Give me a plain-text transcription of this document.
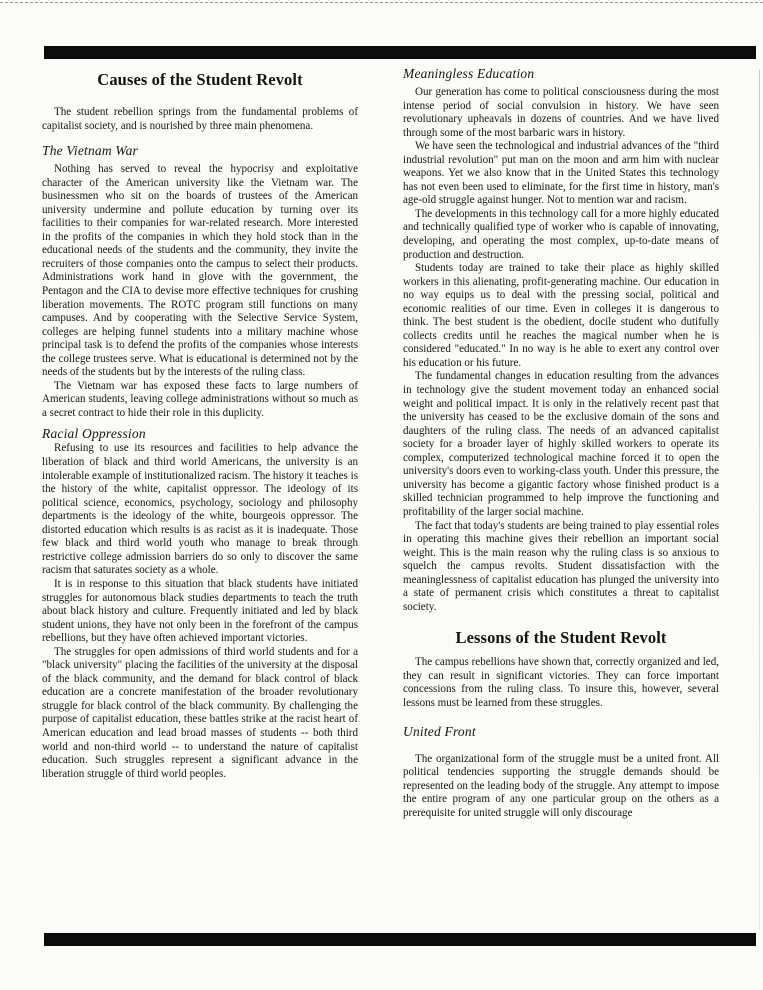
Causes of the Student Revolt

The student rebellion springs from the fundamental problems of capitalist society, and is nourished by three main phenomena.

The Vietnam War

Nothing has served to reveal the hypocrisy and exploitative character of the American university like the Vietnam war. The businessmen who sit on the boards of trustees of the American university undermine and pollute education by turning over its facilities to their companies for war-related research. More interested in the profits of the companies in which they hold stock than in the educational needs of the students and the community, they invite the recruiters of those companies onto the campus to select their products. Administrations work hand in glove with the government, the Pentagon and the CIA to devise more effective techniques for crushing liberation movements. The ROTC program still functions on many campuses. And by cooperating with the Selective Service System, colleges are helping funnel students into a military machine whose principal task is to defend the profits of the companies whose interests the college trustees serve. What is educational is determined not by the needs of the students but by the interests of the ruling class.

The Vietnam war has exposed these facts to large numbers of American students, leaving college administrations without so much as a secret contract to hide their role in this duplicity.

Racial Oppression

Refusing to use its resources and facilities to help advance the liberation of black and third world Americans, the university is an intolerable example of institutionalized racism. The history it teaches is the history of the white, capitalist oppressor. The ideology of its political science, economics, psychology, sociology and philosophy departments is the ideology of the white, bourgeois oppressor. The distorted education which results is as racist as it is inadequate. Those few black and third world youth who manage to break through restrictive college admission barriers do so only to discover the same racism that saturates society as a whole.

It is in response to this situation that black students have initiated struggles for autonomous black studies departments to teach the truth about black history and culture. Frequently initiated and led by black student unions, they have not only been in the forefront of the campus rebellions, but they have often achieved important victories.

The struggles for open admissions of third world students and for a "black university" placing the facilities of the university at the disposal of the black community, and the demand for black control of black education are a concrete manifestation of the broader revolutionary struggle for black control of the black community. By challenging the purpose of capitalist education, these battles strike at the racist heart of American education and lead broad masses of students -- both third world and non-third world -- to understand the nature of capitalist education. Such struggles represent a significant advance in the liberation struggle of third world peoples.

Meaningless Education

Our generation has come to political consciousness during the most intense period of social convulsion in history. We have seen revolutionary upheavals in dozens of countries. And we have lived through some of the most barbaric wars in history.

We have seen the technological and industrial advances of the "third industrial revolution" put man on the moon and arm him with nuclear weapons. Yet we also know that in the United States this technology has not even been used to eliminate, for the first time in history, man's age-old struggle against hunger. Not to mention war and racism.

The developments in this technology call for a more highly educated and technically qualified type of worker who is capable of innovating, developing, and operating the most complex, up-to-date means of production and destruction.

Students today are trained to take their place as highly skilled workers in this alienating, profit-generating machine. Our education in no way equips us to deal with the pressing social, political and economic realities of our time. Even in colleges it is dangerous to think. The best student is the obedient, docile student who dutifully collects credits until he reaches the magical number when he is considered "educated." In no way is he able to exert any control over his education or his future.

The fundamental changes in education resulting from the advances in technology give the student movement today an enhanced social weight and political impact. It is only in the relatively recent past that the university has ceased to be the exclusive domain of the sons and daughters of the ruling class. The needs of an advanced capitalist society for a broader layer of highly skilled workers to operate its complex, computerized technological machine forced it to open the university's doors even to working-class youth. Under this pressure, the university has become a gigantic factory whose finished product is a skilled technician programmed to help improve the functioning and profitability of the larger social machine.

The fact that today's students are being trained to play essential roles in operating this machine gives their rebellion an important social weight. This is the main reason why the ruling class is so anxious to squelch the campus revolts. Student dissatisfaction with the meaninglessness of capitalist education has plunged the university into a state of permanent crisis which constitutes a threat to capitalist society.

Lessons of the Student Revolt

The campus rebellions have shown that, correctly organized and led, they can result in significant victories. They can force important concessions from the ruling class. To insure this, however, several lessons must be learned from these struggles.

United Front

The organizational form of the struggle must be a united front. All political tendencies supporting the struggle demands should be represented on the leading body of the struggle. Any attempt to impose the entire program of any one particular group on the others as a prerequisite for united struggle will only discourage
